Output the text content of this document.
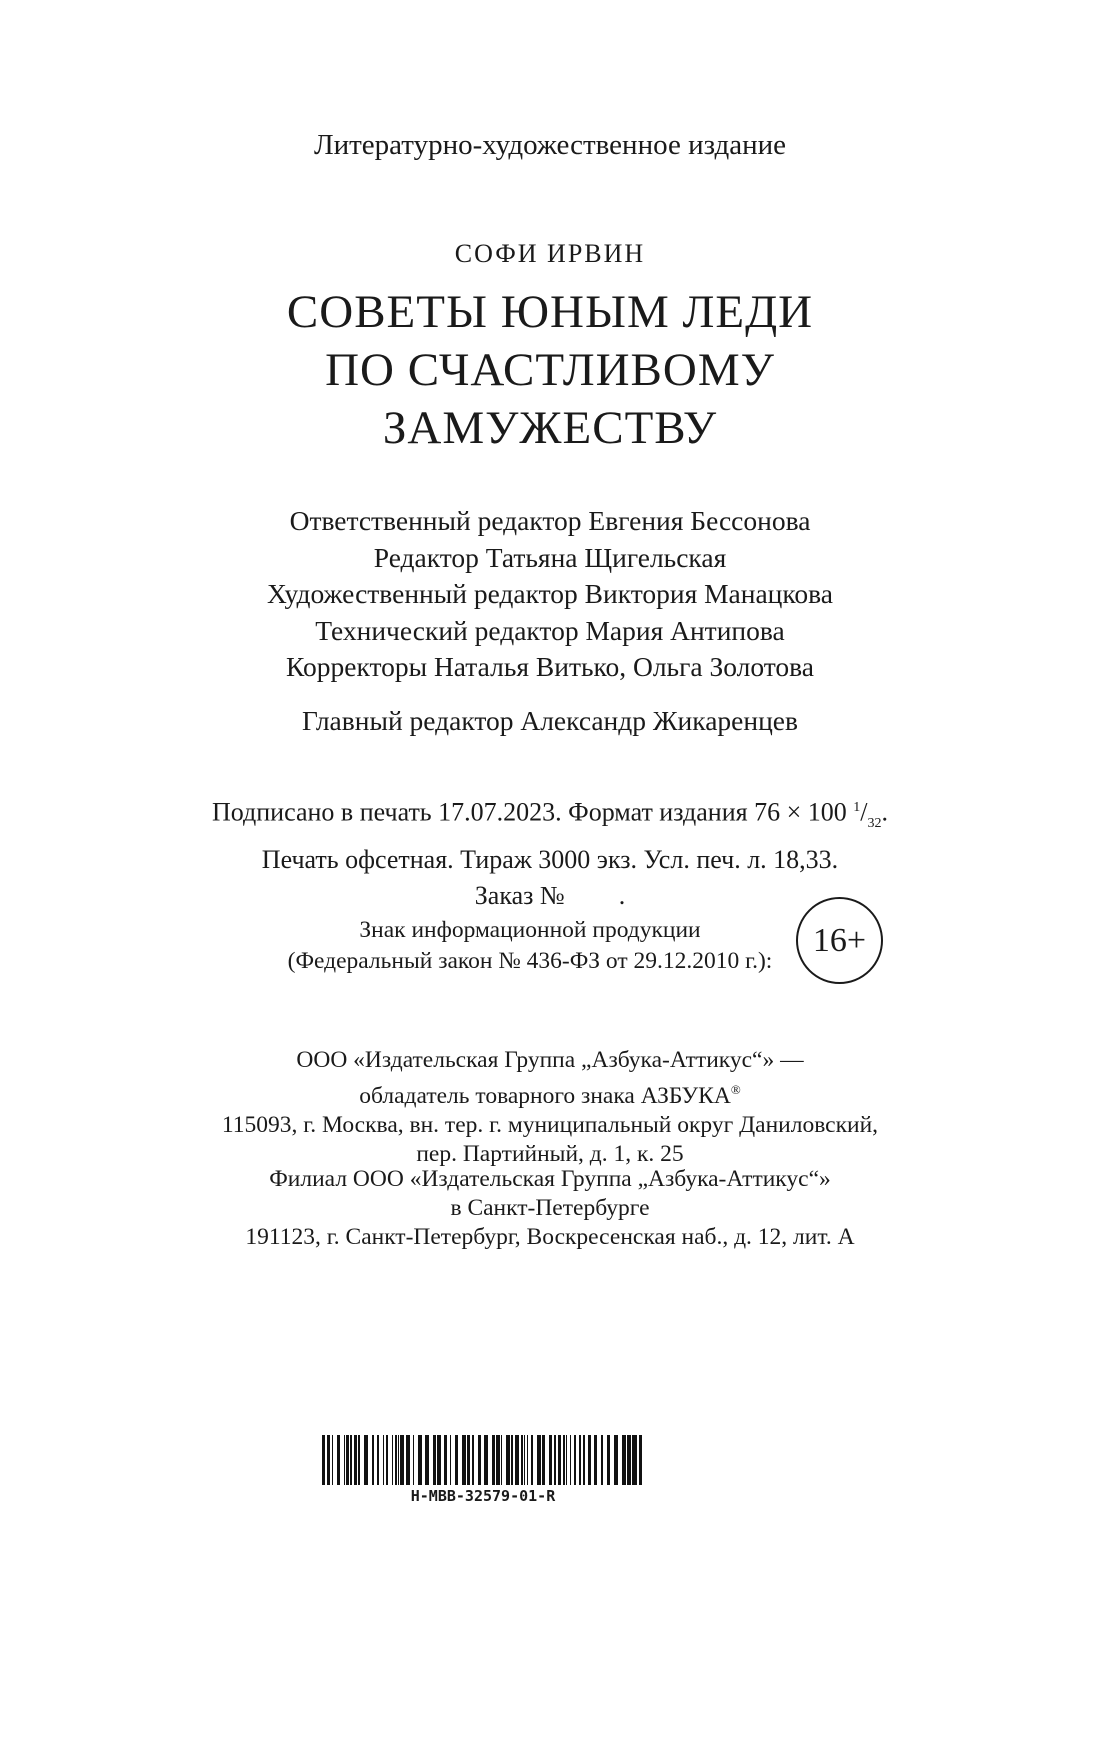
Литературно-художественное издание
СОФИ ИРВИН
СОВЕТЫ ЮНЫМ ЛЕДИ
ПО СЧАСТЛИВОМУ
ЗАМУЖЕСТВУ
Ответственный редактор Евгения Бессонова
Редактор Татьяна Щигельская
Художественный редактор Виктория Манацкова
Технический редактор Мария Антипова
Корректоры Наталья Витько, Ольга Золотова
Главный редактор Александр Жикаренцев
Подписано в печать 17.07.2023. Формат издания 76 × 100 $^1/_{32}$.
Печать офсетная. Тираж 3000 экз. Усл. печ. л. 18,33.
Заказ № .
Знак информационной продукции
(Федеральный закон № 436-ФЗ от 29.12.2010 г.):
16+
ООО «Издательская Группа „Азбука-Аттикус“» —
обладатель товарного знака АЗБУКА®
115093, г. Москва, вн. тер. г. муниципальный округ Даниловский,
пер. Партийный, д. 1, к. 25
Филиал ООО «Издательская Группа „Азбука-Аттикус“»
в Санкт-Петербурге
191123, г. Санкт-Петербург, Воскресенская наб., д. 12, лит. А
Н-МВВ-32579-01-R
